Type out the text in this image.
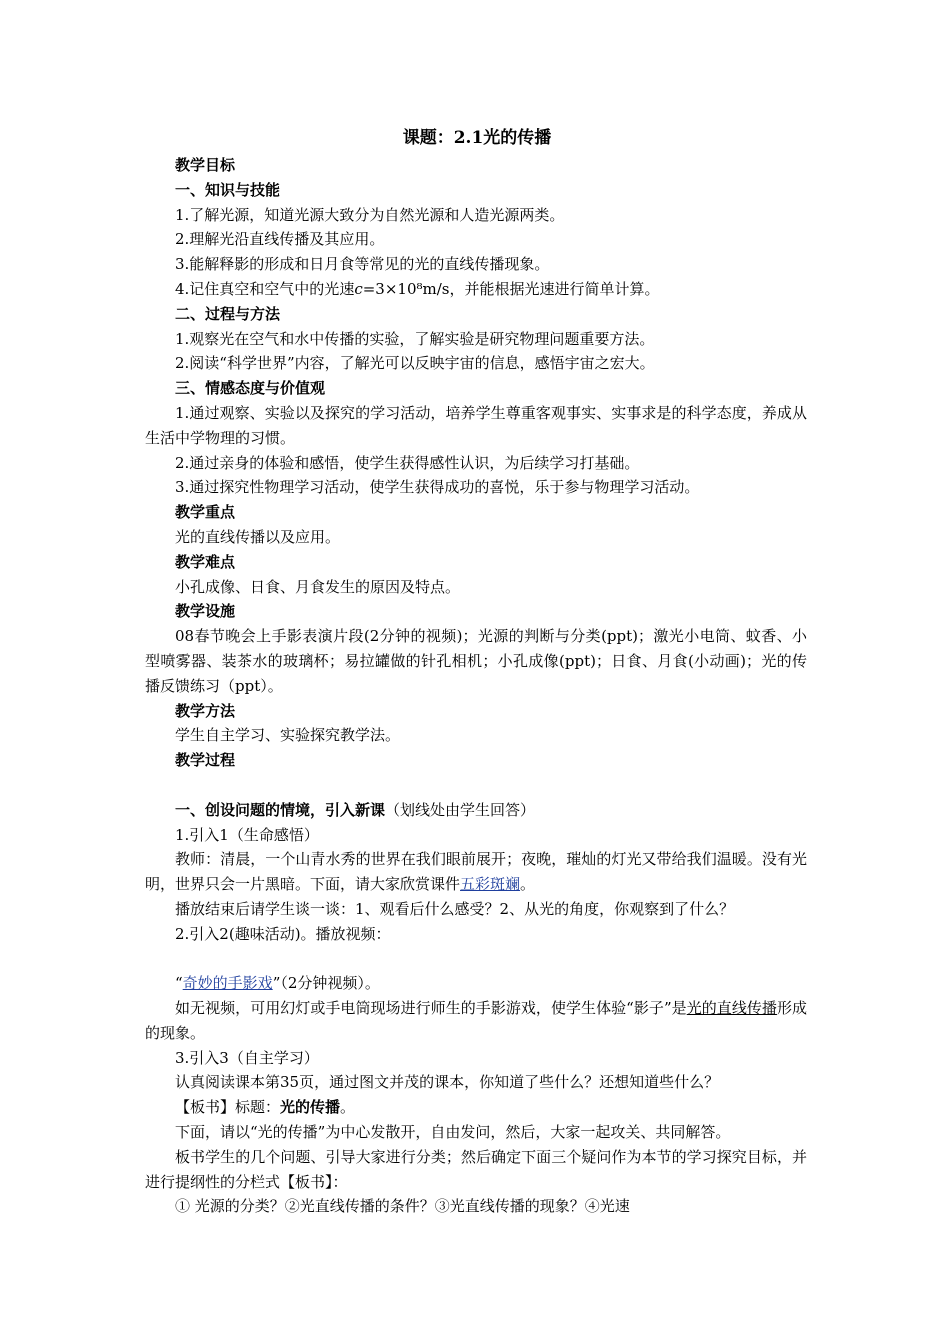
课题：2.1光的传播

教学目标

一、知识与技能

1.了解光源，知道光源大致分为自然光源和人造光源两类。

2.理解光沿直线传播及其应用。

3.能解释影的形成和日月食等常见的光的直线传播现象。

4.记住真空和空气中的光速c=3×10⁸m/s，并能根据光速进行简单计算。

二、过程与方法

1.观察光在空气和水中传播的实验，了解实验是研究物理问题重要方法。

2.阅读“科学世界”内容，了解光可以反映宇宙的信息，感悟宇宙之宏大。

三、情感态度与价值观

1.通过观察、实验以及探究的学习活动，培养学生尊重客观事实、实事求是的科学态度，养成从生活中学物理的习惯。

2.通过亲身的体验和感悟，使学生获得感性认识，为后续学习打基础。

3.通过探究性物理学习活动，使学生获得成功的喜悦，乐于参与物理学习活动。

教学重点

光的直线传播以及应用。

教学难点

小孔成像、日食、月食发生的原因及特点。

教学设施

08春节晚会上手影表演片段(2分钟的视频)；光源的判断与分类(ppt)；激光小电筒、蚊香、小型喷雾器、装茶水的玻璃杯；易拉罐做的针孔相机；小孔成像(ppt)；日食、月食(小动画)；光的传播反馈练习（ppt）。

教学方法

学生自主学习、实验探究教学法。

教学过程

一、创设问题的情境，引入新课（划线处由学生回答）

1.引入1（生命感悟）

教师：清晨，一个山青水秀的世界在我们眼前展开；夜晚，璀灿的灯光又带给我们温暖。没有光明，世界只会一片黑暗。下面，请大家欣赏课件五彩斑斓。

播放结束后请学生谈一谈：1、观看后什么感受？2、从光的角度，你观察到了什么？

2.引入2(趣味活动)。播放视频：

“奇妙的手影戏”（2分钟视频）。

如无视频，可用幻灯或手电筒现场进行师生的手影游戏，使学生体验“影子”是光的直线传播形成的现象。

3.引入3（自主学习）

认真阅读课本第35页，通过图文并茂的课本，你知道了些什么？还想知道些什么？

【板书】标题：光的传播。

下面，请以“光的传播”为中心发散开，自由发问，然后，大家一起攻关、共同解答。

板书学生的几个问题、引导大家进行分类；然后确定下面三个疑问作为本节的学习探究目标，并进行提纲性的分栏式【板书】：

① 光源的分类？②光直线传播的条件？③光直线传播的现象？④光速
